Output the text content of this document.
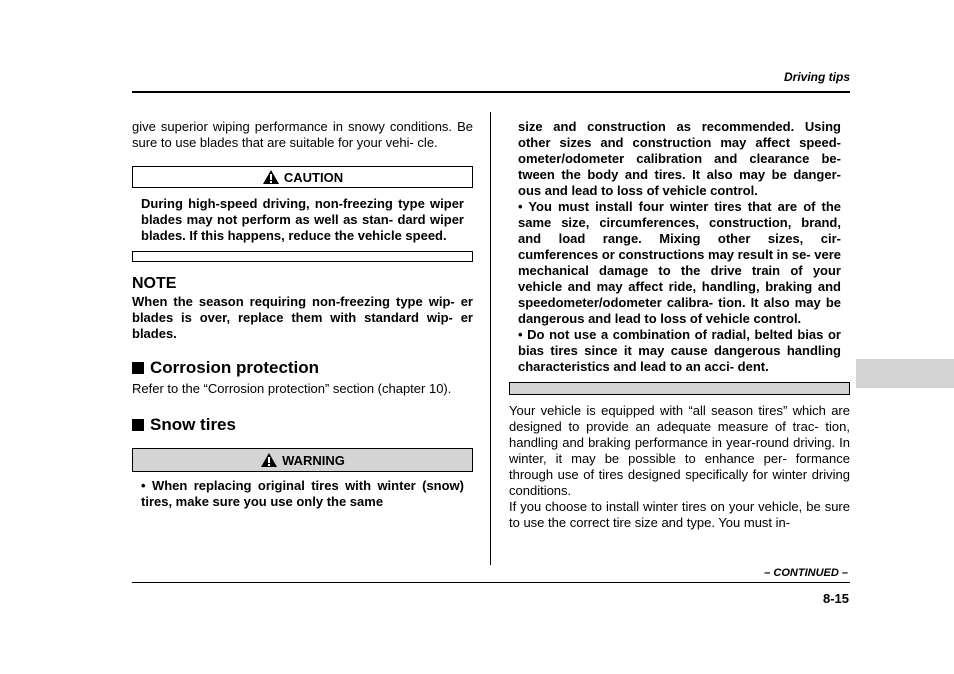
Driving tips

give superior wiping performance in snowy conditions. Be sure to use blades that are suitable for your vehi- cle.

CAUTION

During high-speed driving, non-freezing type wiper blades may not perform as well as stan- dard wiper blades. If this happens, reduce the vehicle speed.

NOTE

When the season requiring non-freezing type wip- er blades is over, replace them with standard wip- er blades.

Corrosion protection

Refer to the “Corrosion protection” section (chapter 10).

Snow tires
WARNING

• When replacing original tires with winter (snow) tires, make sure you use only the same

size and construction as recommended. Using other sizes and construction may affect speed- ometer/odometer calibration and clearance be- tween the body and tires. It also may be danger- ous and lead to loss of vehicle control.

• You must install four winter tires that are of the same size, circumferences, construction, brand, and load range. Mixing other sizes, cir- cumferences or constructions may result in se- vere mechanical damage to the drive train of your vehicle and may affect ride, handling, braking and speedometer/odometer calibra- tion. It also may be dangerous and lead to loss of vehicle control.

• Do not use a combination of radial, belted bias or bias tires since it may cause dangerous handling characteristics and lead to an acci- dent.

Your vehicle is equipped with “all season tires” which are designed to provide an adequate measure of trac- tion, handling and braking performance in year-round driving. In winter, it may be possible to enhance per- formance through use of tires designed specifically for winter driving conditions.

If you choose to install winter tires on your vehicle, be sure to use the correct tire size and type. You must in-

– CONTINUED –
8-15
